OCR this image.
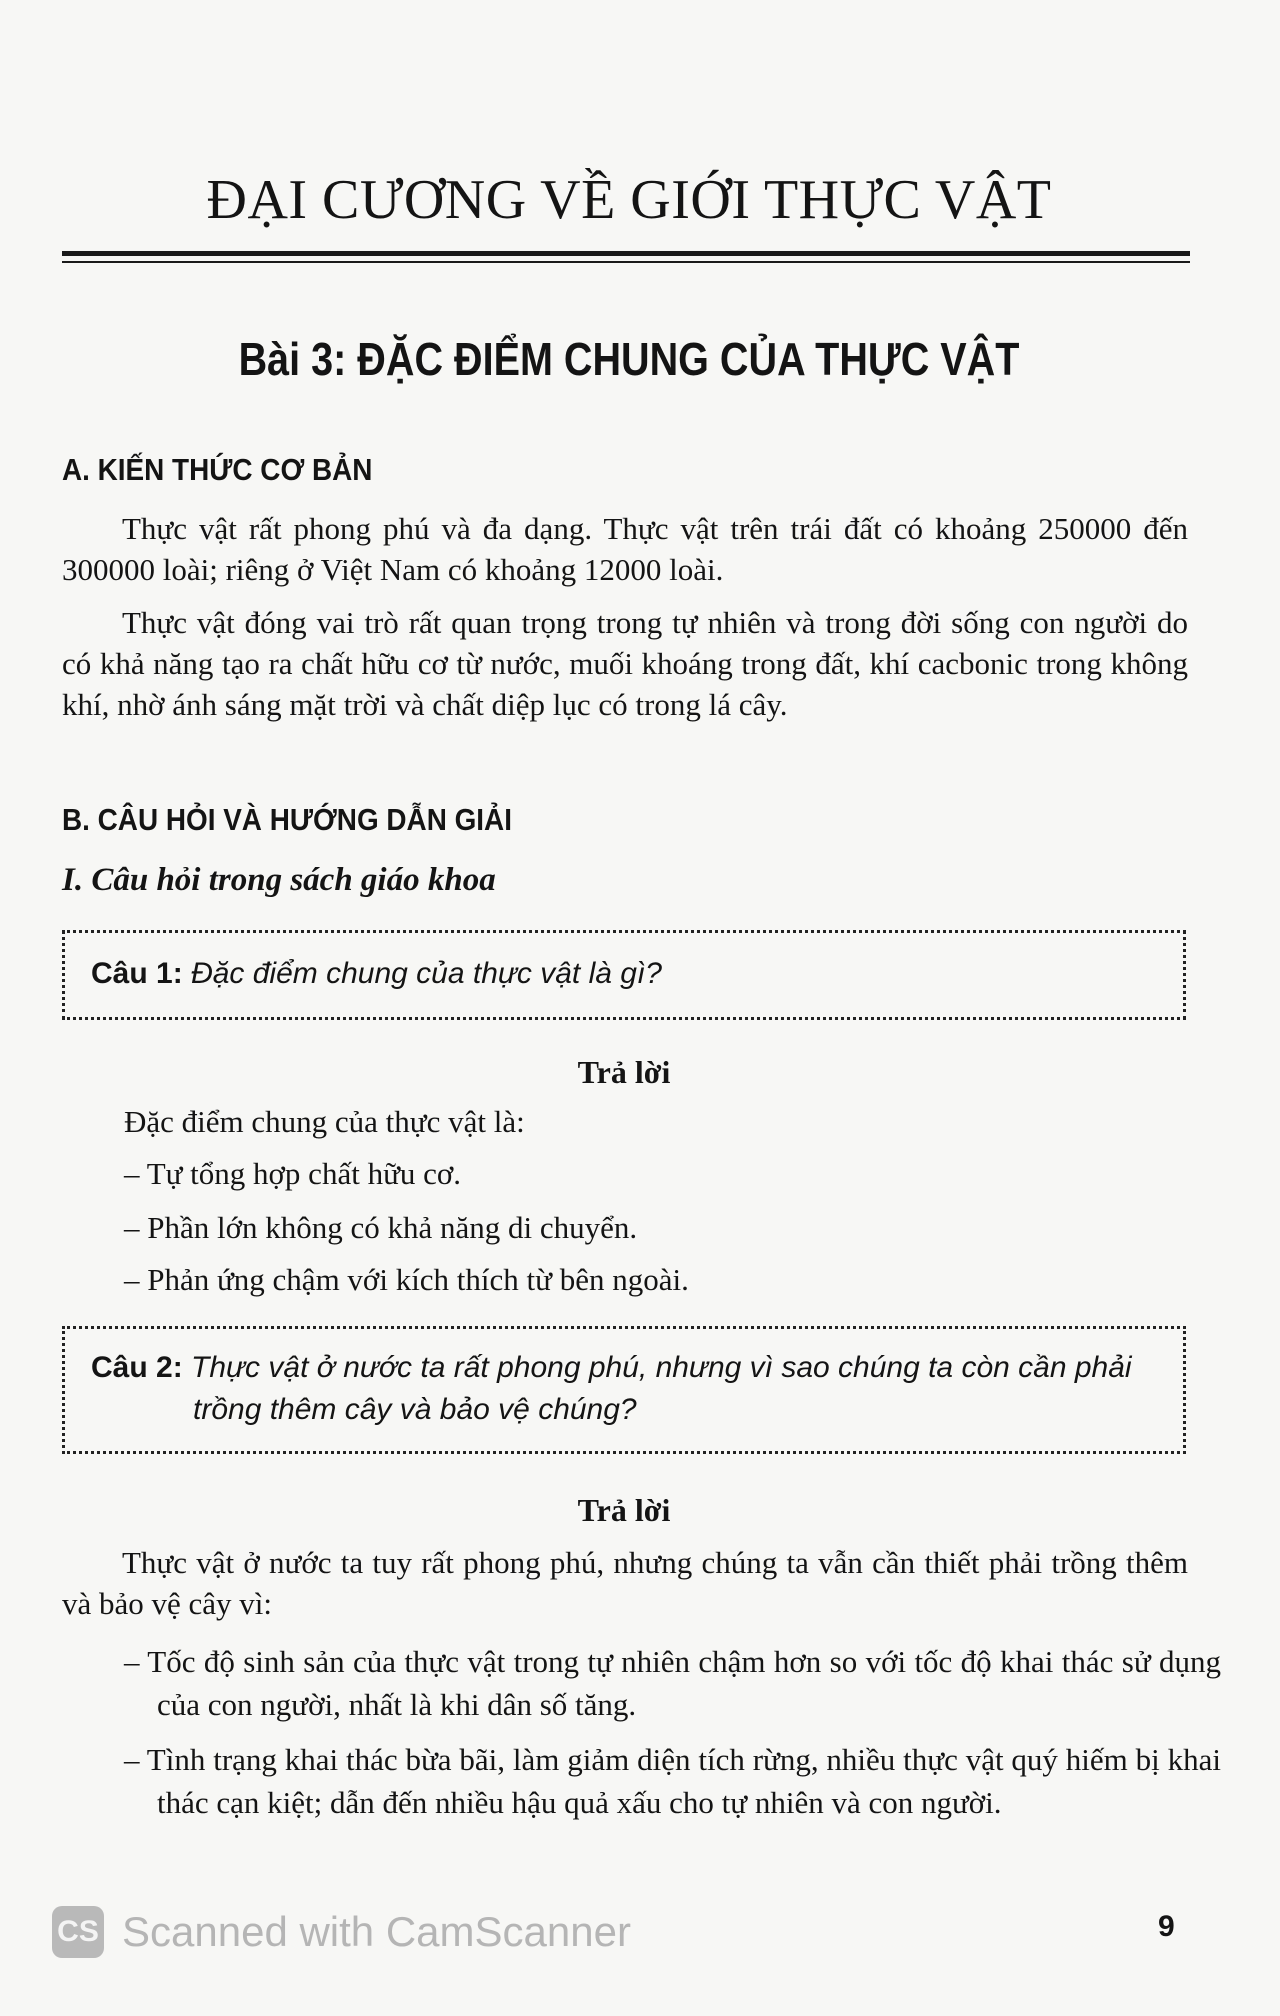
ĐẠI CƯƠNG VỀ GIỚI THỰC VẬT
Bài 3: ĐẶC ĐIỂM CHUNG CỦA THỰC VẬT
A. KIẾN THỨC CƠ BẢN

Thực vật rất phong phú và đa dạng. Thực vật trên trái đất có khoảng 250000 đến 300000 loài; riêng ở Việt Nam có khoảng 12000 loài.

Thực vật đóng vai trò rất quan trọng trong tự nhiên và trong đời sống con người do có khả năng tạo ra chất hữu cơ từ nước, muối khoáng trong đất, khí cacbonic trong không khí, nhờ ánh sáng mặt trời và chất diệp lục có trong lá cây.

B. CÂU HỎI VÀ HƯỚNG DẪN GIẢI
I. Câu hỏi trong sách giáo khoa
Câu 1: Đặc điểm chung của thực vật là gì?
Trả lời
Đặc điểm chung của thực vật là:
– Tự tổng hợp chất hữu cơ.
– Phần lớn không có khả năng di chuyển.
– Phản ứng chậm với kích thích từ bên ngoài.
Câu 2: Thực vật ở nước ta rất phong phú, nhưng vì sao chúng ta còn cần phải trồng thêm cây và bảo vệ chúng?
Trả lời

Thực vật ở nước ta tuy rất phong phú, nhưng chúng ta vẫn cần thiết phải trồng thêm và bảo vệ cây vì:

– Tốc độ sinh sản của thực vật trong tự nhiên chậm hơn so với tốc độ khai thác sử dụng của con người, nhất là khi dân số tăng.
– Tình trạng khai thác bừa bãi, làm giảm diện tích rừng, nhiều thực vật quý hiếm bị khai thác cạn kiệt; dẫn đến nhiều hậu quả xấu cho tự nhiên và con người.
CS Scanned with CamScanner	9
